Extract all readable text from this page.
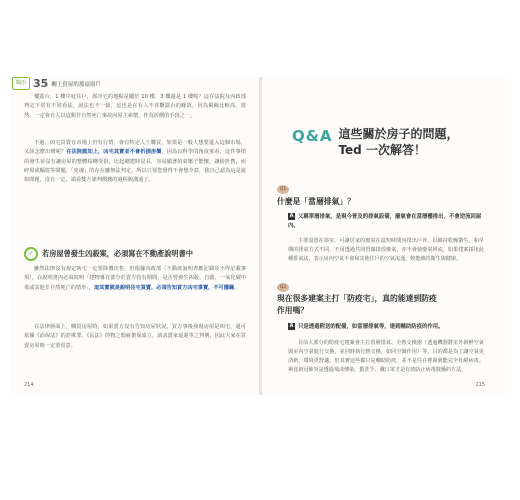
醫治 35 關上買屋的那扇窗戶

樓露台，1 樓中庭住戶，那冷宅的地點是屬於 10 樓、3 樓還是 1 樓呢？這在法院及內政部判定下常有不同看法，說法也不一致，這也是在有人不喜歡露台的緣故，因為風險比較高。當然，一定會有人以這類非自然死亡事故向屋主索償，作為折價的手段之一。

不過，凶宅買賣在市場上仍有行情，會有特定人士購買，如果是一般人想要進入這個市場，又該怎麼出價呢？在法院認知上，凶宅其實並不會折損房價，因為以科學的角度來看，這件事情的發生並沒有讓房屋的整體結構受損，比起剛建時是長，容易顯著的氣壓子能懷，讓紛折舊，而碎屋或輻射等問題，「兇魂」的存在雖無法判定，所以只要您覺得不會想介意，我自己認為這是說如問題，沒有一定，端看雙方談判價錢的過程與溝通了。

✓	若房屋曾發生凶殺案，必須寫在不動產說明書中

雖然法律沒有規定凶宅一定要降價出售，但根據內政部（不動產說明書應記載及不得記載事項），在說明書內必須寫明「建物專有部分於賣方持有期間，是否曾發生凶殺、自殺、一氧化碳中毒或其他非自然死亡的情形」，這其實就是說明住宅買賣，必須告知買方凶宅事實，不可隱瞞。

在法律層面上，購買房屋時，如果賣方沒有告知房屋狀況，買方事後發現房屋是凶宅，還可依據《消保法》的詐欺罪、《民法》的物之瑕疵擔保成立，請求賣家退還等之判例，因此大家在買賣房屋時一定要留意。

214
Q&A 這些關於房子的問題，
Ted 一次解答！
Q1
什麼是「當層排氣」？
A 又稱單層排氣，是現今普及的排氣設備，廢氣會在當層樓排出，不會逆流回屋內。

主要設置在浴室，可讓居家的廢氣在最短時間內排出戶外，以維持乾燥衛生。和早期的排氣方式不同，不用透過共同管線排放廢氣，亦不會使廢氣回流，如果建案採用此種排氣法，表示房內空氣不會和其他住戶的空氣流通，較能維持衛生與健康。

Q2
現在很多建案主打「防疫宅」，真的能達到防疫
作用嗎？
A 只是透過附送的配備，如當層排氣等，達到輔助防疫的作用。

目前大部分的防疫宅建案會主打當層排氣、全熱交換器（透過機器將室外新鮮空氣與室內空氣進行交換，並同時執行熱交換，如同空調作用）等，目的都是為了讓空氣更清新、環境更舒適，但其實這些都只是輔助防疫，並不是住在裡面就能完全杜絕病毒。畢竟新冠肺炎是透過飛沫傳染，勤洗手、戴口罩才是有效防止病毒散播的方法。

215
